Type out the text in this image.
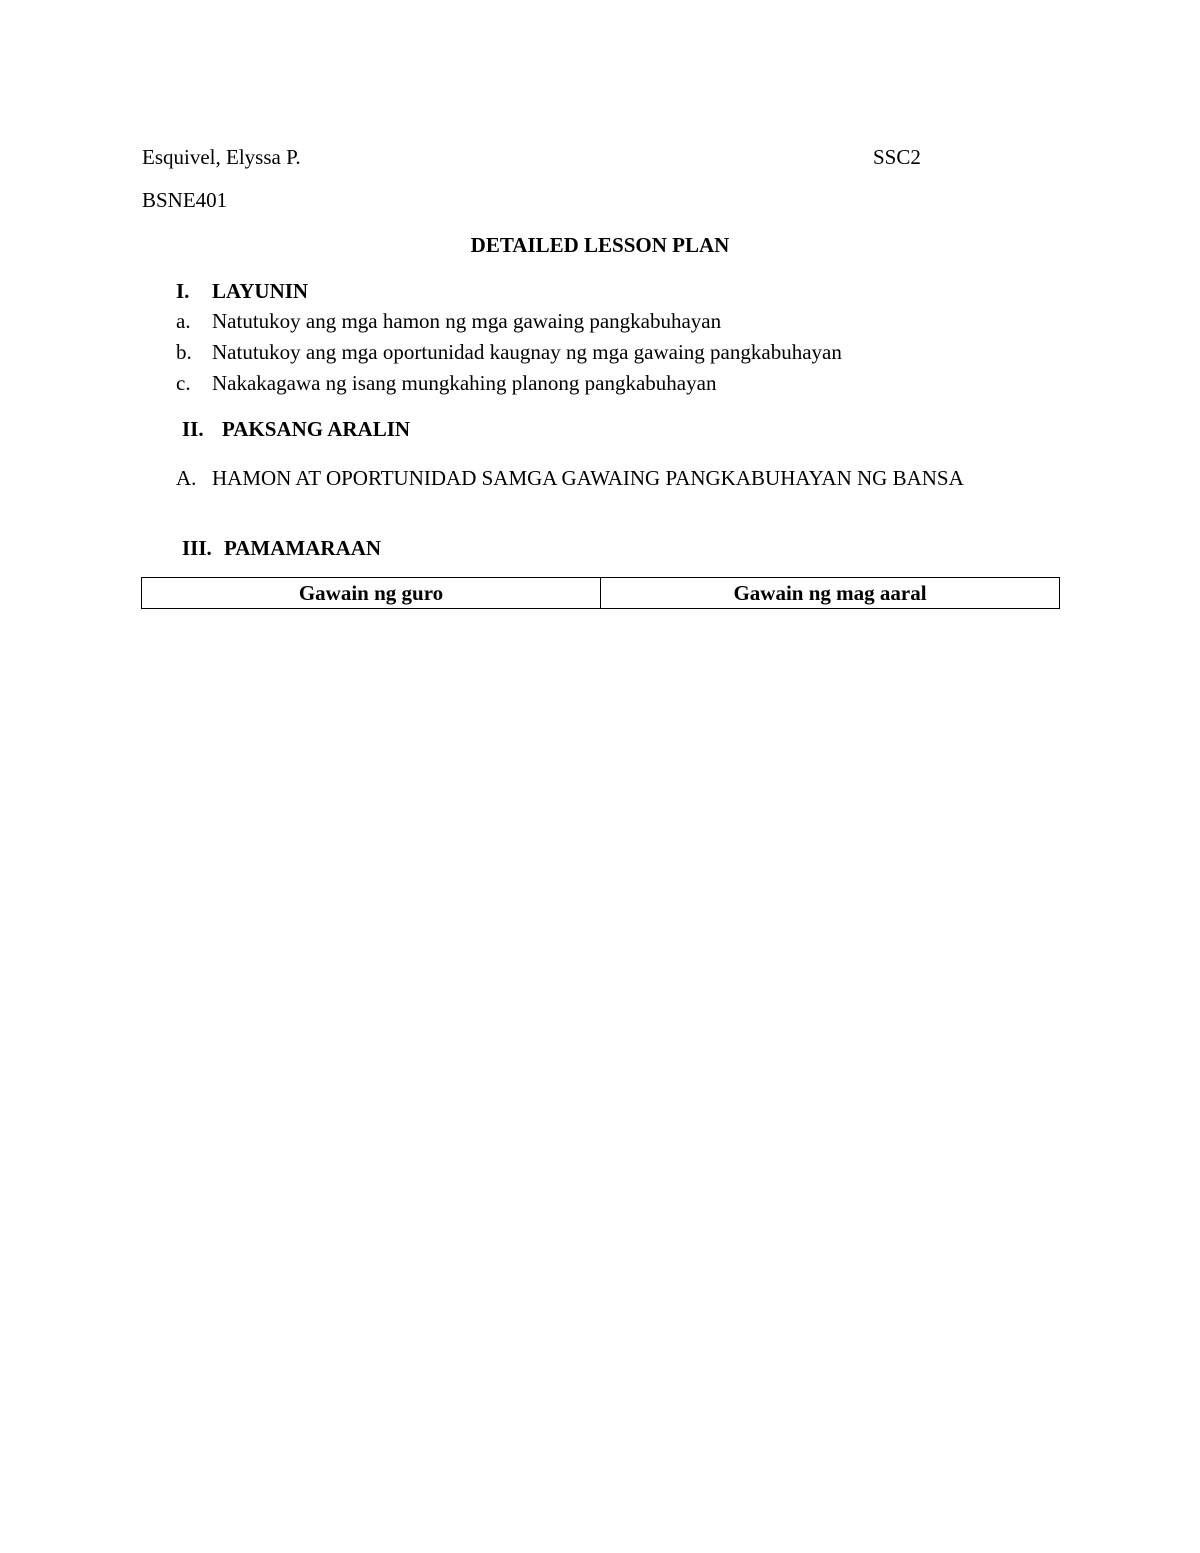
Esquivel, Elyssa P.	SSC2
BSNE401
DETAILED LESSON PLAN
I. LAYUNIN
a. Natutukoy ang mga hamon ng mga gawaing pangkabuhayan
b. Natutukoy ang mga oportunidad kaugnay ng mga gawaing pangkabuhayan
c. Nakakagawa ng isang mungkahing planong pangkabuhayan
II. PAKSANG ARALIN
A. HAMON AT OPORTUNIDAD SAMGA GAWAING PANGKABUHAYAN NG BANSA
III. PAMAMARAAN
Gawain ng guro	Gawain ng mag aaral
